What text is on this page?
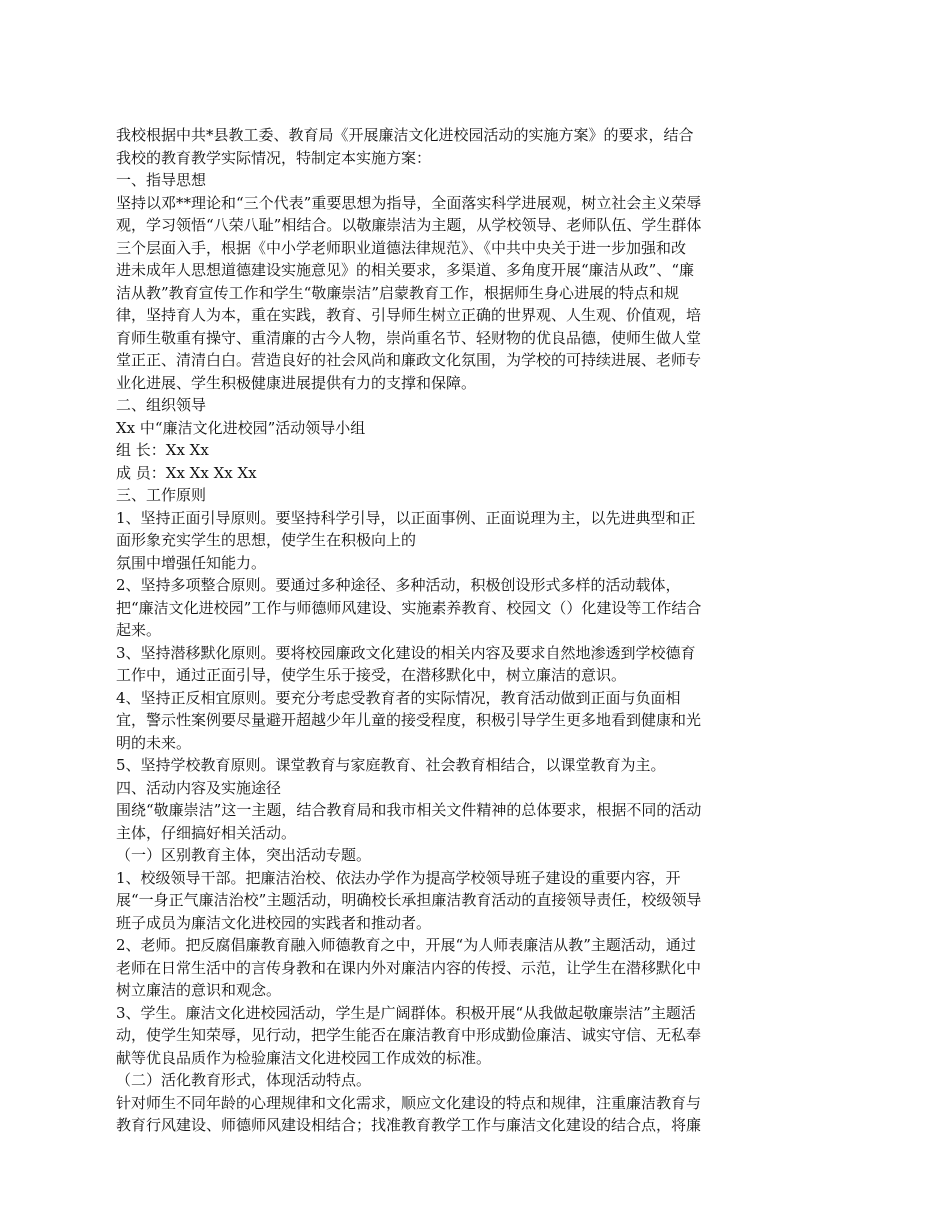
我校根据中共*县教工委、教育局《开展廉洁文化进校园活动的实施方案》的要求，结合

我校的教育教学实际情况，特制定本实施方案：

一、指导思想

坚持以邓**理论和“三个代表”重要思想为指导，全面落实科学进展观，树立社会主义荣辱

观，学习领悟“八荣八耻”相结合。以敬廉崇洁为主题，从学校领导、老师队伍、学生群体

三个层面入手，根据《中小学老师职业道德法律规范》、《中共中央关于进一步加强和改

进未成年人思想道德建设实施意见》的相关要求，多渠道、多角度开展“廉洁从政”、“廉

洁从教”教育宣传工作和学生“敬廉崇洁”启蒙教育工作，根据师生身心进展的特点和规

律，坚持育人为本，重在实践，教育、引导师生树立正确的世界观、人生观、价值观，培

育师生敬重有操守、重清廉的古今人物，崇尚重名节、轻财物的优良品德，使师生做人堂

堂正正、清清白白。营造良好的社会风尚和廉政文化氛围，为学校的可持续进展、老师专

业化进展、学生积极健康进展提供有力的支撑和保障。

二、组织领导

Xx 中“廉洁文化进校园”活动领导小组

组 长：Xx Xx

成 员：Xx Xx Xx Xx

三、工作原则

1、坚持正面引导原则。要坚持科学引导，以正面事例、正面说理为主，以先进典型和正

面形象充实学生的思想，使学生在积极向上的

氛围中增强任知能力。

2、坚持多项整合原则。要通过多种途径、多种活动，积极创设形式多样的活动载体，

把“廉洁文化进校园”工作与师德师风建设、实施素养教育、校园文（）化建设等工作结合

起来。

3、坚持潜移默化原则。要将校园廉政文化建设的相关内容及要求自然地渗透到学校德育

工作中，通过正面引导，使学生乐于接受，在潜移默化中，树立廉洁的意识。

4、坚持正反相宜原则。要充分考虑受教育者的实际情况，教育活动做到正面与负面相

宜，警示性案例要尽量避开超越少年儿童的接受程度，积极引导学生更多地看到健康和光

明的未来。

5、坚持学校教育原则。课堂教育与家庭教育、社会教育相结合，以课堂教育为主。

四、活动内容及实施途径

围绕“敬廉崇洁”这一主题，结合教育局和我市相关文件精神的总体要求，根据不同的活动

主体，仔细搞好相关活动。

（一）区别教育主体，突出活动专题。

1、校级领导干部。把廉洁治校、依法办学作为提高学校领导班子建设的重要内容，开

展“一身正气廉洁治校”主题活动，明确校长承担廉洁教育活动的直接领导责任，校级领导

班子成员为廉洁文化进校园的实践者和推动者。

2、老师。把反腐倡廉教育融入师德教育之中，开展“为人师表廉洁从教”主题活动，通过

老师在日常生活中的言传身教和在课内外对廉洁内容的传授、示范，让学生在潜移默化中

树立廉洁的意识和观念。

3、学生。廉洁文化进校园活动，学生是广阔群体。积极开展“从我做起敬廉崇洁”主题活

动，使学生知荣辱，见行动，把学生能否在廉洁教育中形成勤俭廉洁、诚实守信、无私奉

献等优良品质作为检验廉洁文化进校园工作成效的标准。

（二）活化教育形式，体现活动特点。

针对师生不同年龄的心理规律和文化需求，顺应文化建设的特点和规律，注重廉洁教育与

教育行风建设、师德师风建设相结合；找准教育教学工作与廉洁文化建设的结合点，将廉
